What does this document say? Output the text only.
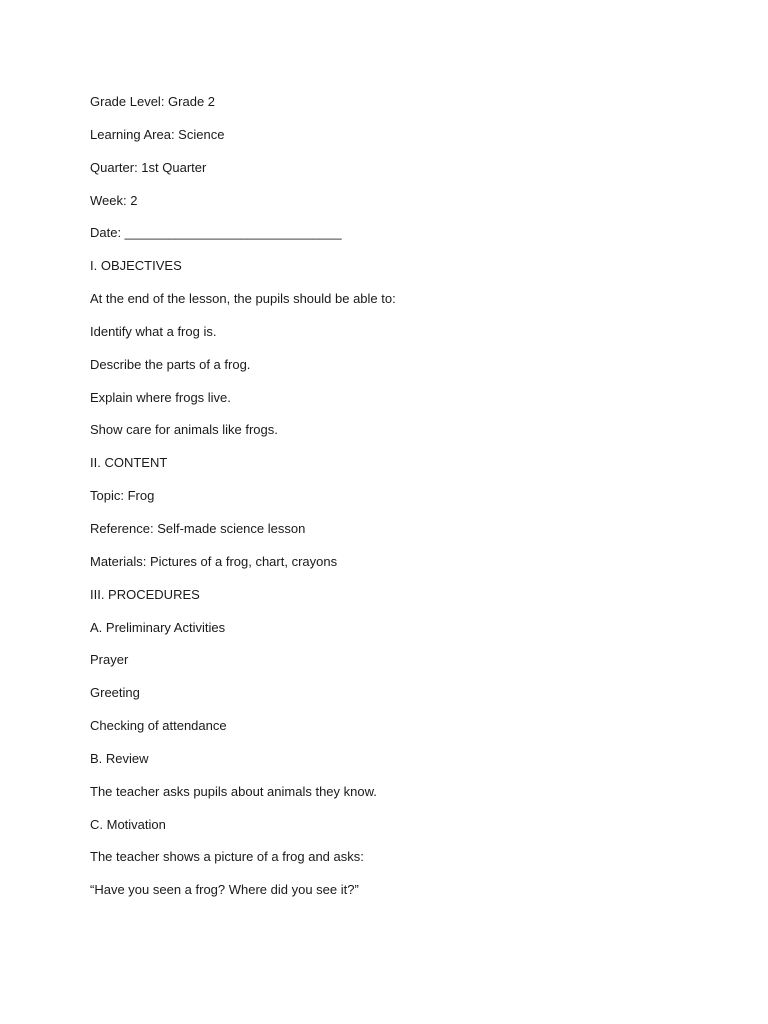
Grade Level: Grade 2
Learning Area: Science
Quarter: 1st Quarter
Week: 2
Date: ______________________________
I. OBJECTIVES
At the end of the lesson, the pupils should be able to:
Identify what a frog is.
Describe the parts of a frog.
Explain where frogs live.
Show care for animals like frogs.
II. CONTENT
Topic: Frog
Reference: Self-made science lesson
Materials: Pictures of a frog, chart, crayons
III. PROCEDURES
A. Preliminary Activities
Prayer
Greeting
Checking of attendance
B. Review
The teacher asks pupils about animals they know.
C. Motivation
The teacher shows a picture of a frog and asks:
“Have you seen a frog? Where did you see it?”
